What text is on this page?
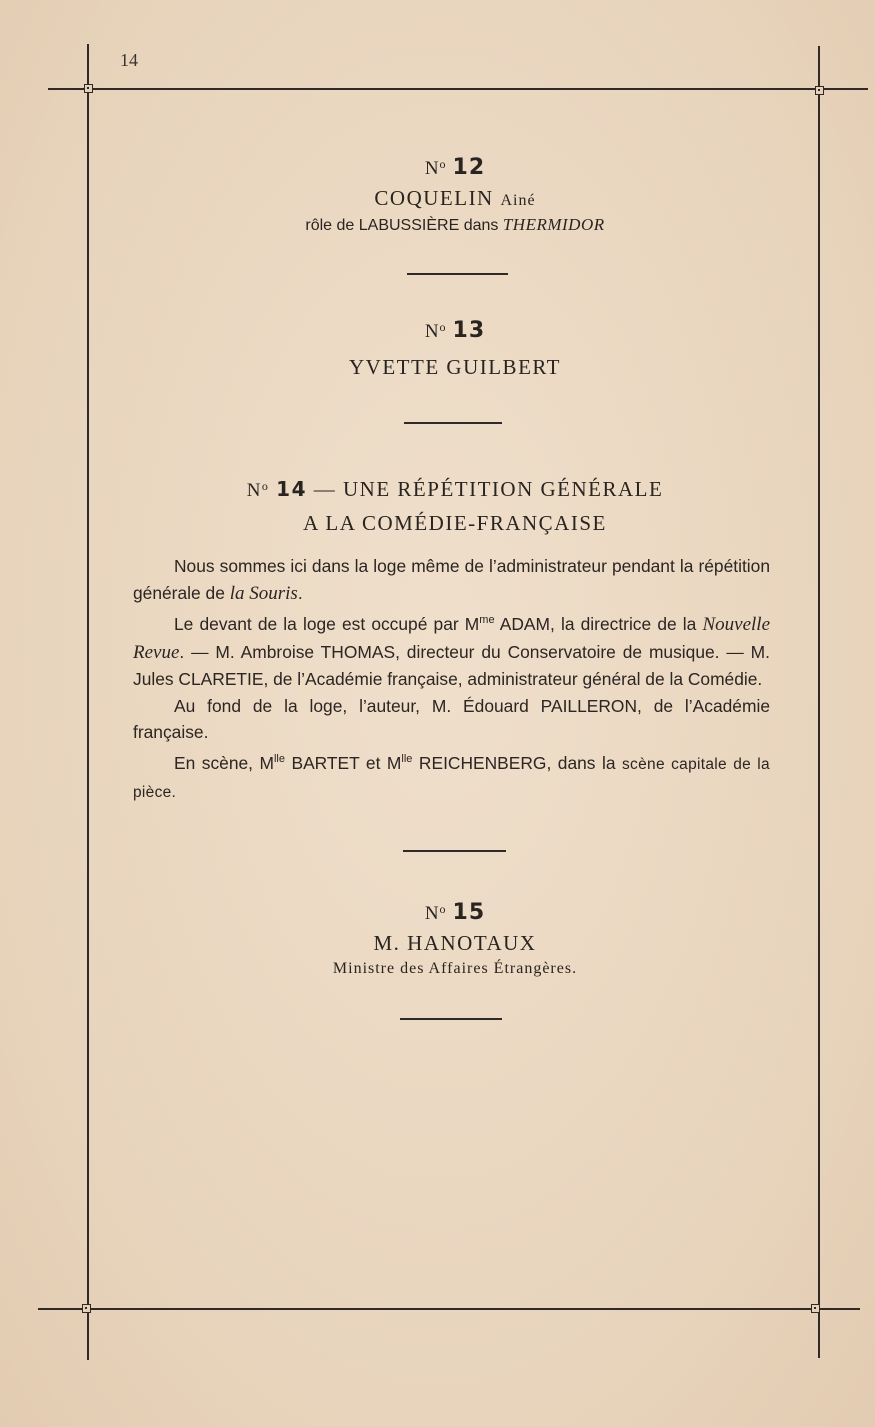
14
$N^o$ 12
COQUELIN Ainé
rôle de LABUSSIÈRE dans THERMIDOR
$N^o$ 13
YVETTE GUILBERT
$N^o$ 14 — UNE RÉPÉTITION GÉNÉRALE
A LA COMÉDIE-FRANÇAISE

Nous sommes ici dans la loge même de l’administrateur pendant la répétition générale de la Souris.

Le devant de la loge est occupé par $M^{me}$ ADAM, la directrice de la Nouvelle Revue. — M. Ambroise THOMAS, directeur du Conservatoire de musique. — M. Jules CLARETIE, de l’Académie française, administrateur général de la Comédie.

Au fond de la loge, l’auteur, M. Édouard PAILLERON, de l’Académie française.

En scène, $M^{lle}$ BARTET et $M^{lle}$ REICHENBERG, dans la scène capitale de la pièce.

$N^o$ 15
M. HANOTAUX
Ministre des Affaires Étrangères.
